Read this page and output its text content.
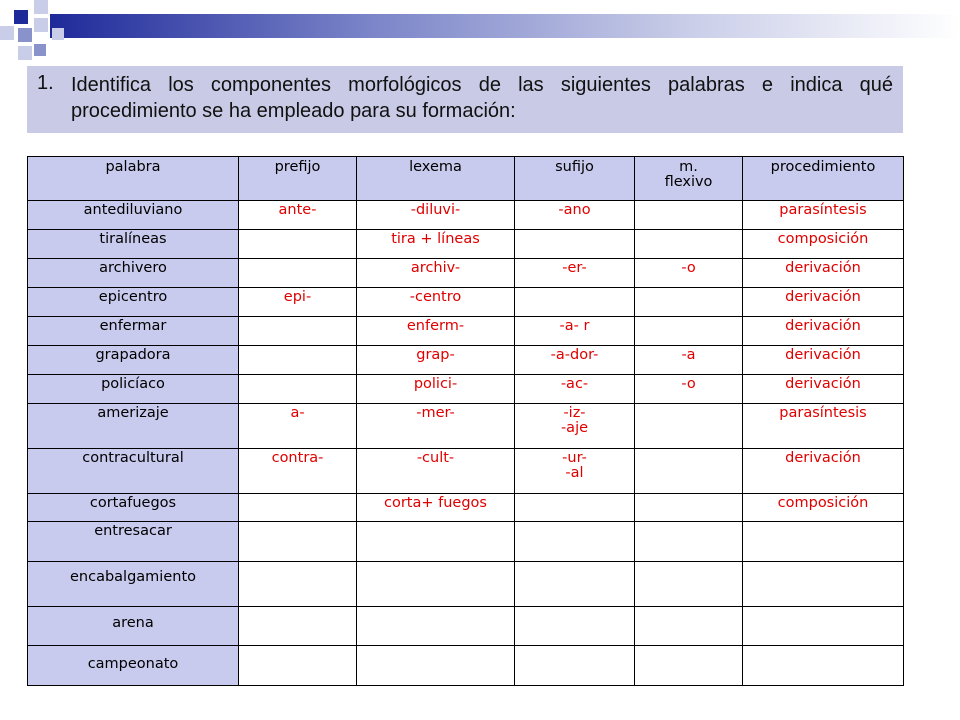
1. Identifica los componentes morfológicos de las siguientes palabras e indica qué procedimiento se ha empleado para su formación:
palabra	prefijo	lexema	sufijo	m. flexivo	procedimiento
antediluviano	ante-	-diluvi-	-ano		parasíntesis
tiralíneas		tira + líneas			composición
archivero		archiv-	-er-	-o	derivación
epicentro	epi-	-centro			derivación
enfermar		enferm-	-a- r		derivación
grapadora		grap-	-a-dor-	-a	derivación
policíaco		polici-	-ac-	-o	derivación
amerizaje	a-	-mer-	-iz- -aje		parasíntesis
contracultural	contra-	-cult-	-ur- -al		derivación
cortafuegos		corta+ fuegos			composición
entresacar					
encabalgamiento					
arena					
campeonato					
